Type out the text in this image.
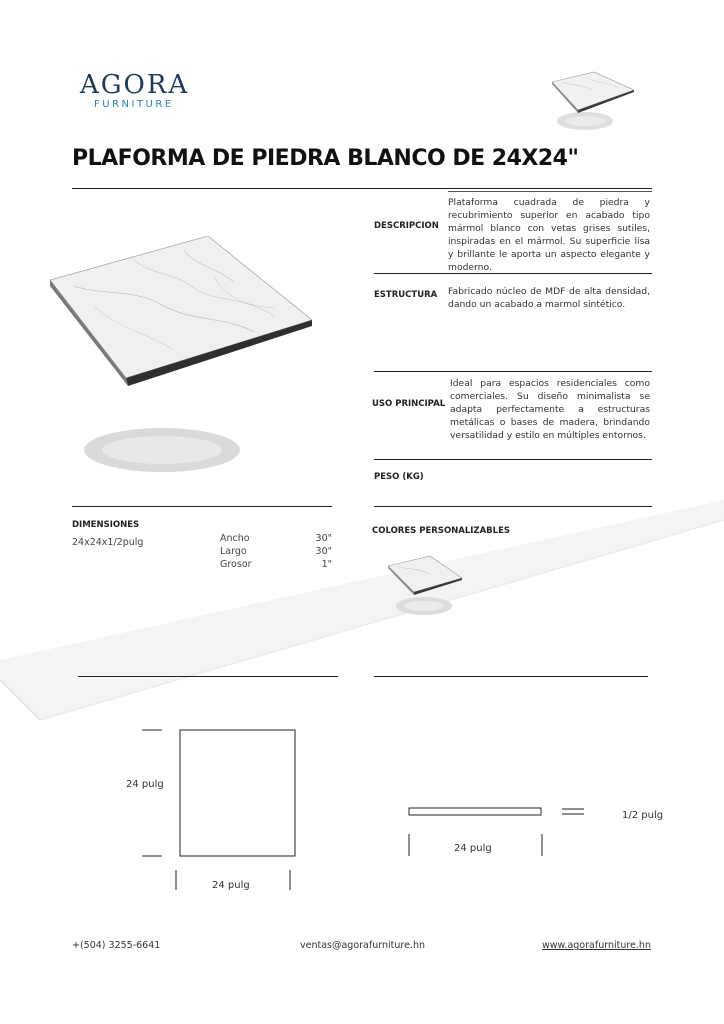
AGORA
FURNITURE
PLAFORMA DE PIEDRA BLANCO DE 24X24"
DESCRIPCION
Plataforma cuadrada de piedra y recubrimiento superior en acabado tipo mármol blanco con vetas grises sutiles, inspiradas en el mármol. Su superficie lisa y brillante le aporta un aspecto elegante y moderno.
ESTRUCTURA Fabricado núcleo de MDF de alta densidad, dando un acabado a marmol sintético.
USO PRINCIPAL
Ideal para espacios residenciales como comerciales. Su diseño minimalista se adapta perfectamente a estructuras metálicas o bases de madera, brindando versatilidad y estilo en múltiples entornos.
PESO (KG)
DIMENSIONES
24x24x1/2pulg	Ancho	30"
Largo	30"
Grosor	1"
COLORES PERSONALIZABLES
24 pulg
24 pulg
1/2 pulg
24 pulg
+(504) 3255-6641	ventas@agorafurniture.hn	www.agorafurniture.hn
